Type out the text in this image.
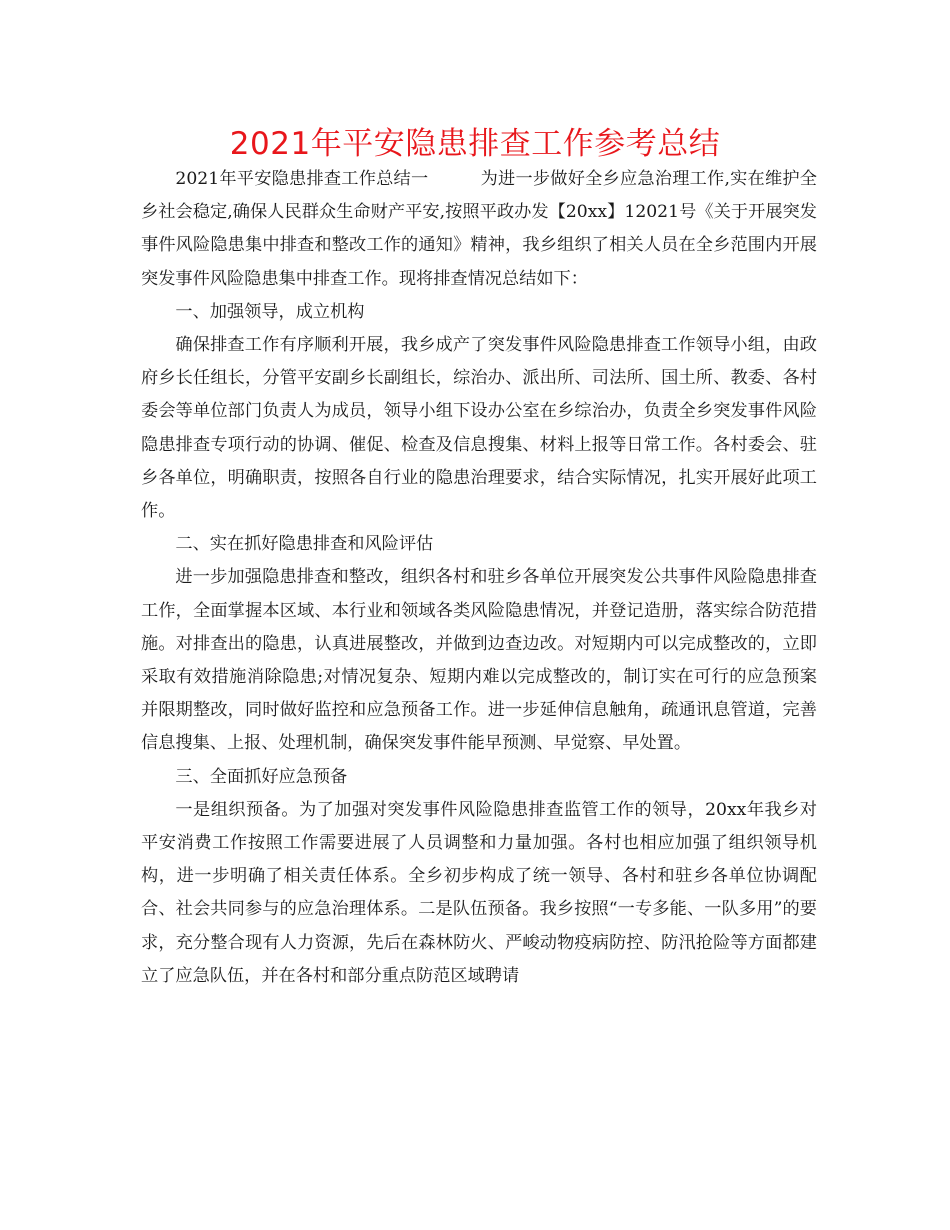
2021年平安隐患排查工作参考总结

2021年平安隐患排查工作总结一	为进一步做好全乡应急治理工作,实在维护全乡社会稳定,确保人民群众生命财产平安,按照平政办发【20xx】12021号《关于开展突发事件风险隐患集中排查和整改工作的通知》精神，我乡组织了相关人员在全乡范围内开展突发事件风险隐患集中排查工作。现将排查情况总结如下：

一、加强领导，成立机构

确保排查工作有序顺利开展，我乡成产了突发事件风险隐患排查工作领导小组，由政府乡长任组长，分管平安副乡长副组长，综治办、派出所、司法所、国土所、教委、各村委会等单位部门负责人为成员，领导小组下设办公室在乡综治办，负责全乡突发事件风险隐患排查专项行动的协调、催促、检查及信息搜集、材料上报等日常工作。各村委会、驻乡各单位，明确职责，按照各自行业的隐患治理要求，结合实际情况，扎实开展好此项工作。

二、实在抓好隐患排查和风险评估

进一步加强隐患排查和整改，组织各村和驻乡各单位开展突发公共事件风险隐患排查工作，全面掌握本区域、本行业和领域各类风险隐患情况，并登记造册，落实综合防范措施。对排查出的隐患，认真进展整改，并做到边查边改。对短期内可以完成整改的，立即采取有效措施消除隐患;对情况复杂、短期内难以完成整改的，制订实在可行的应急预案并限期整改，同时做好监控和应急预备工作。进一步延伸信息触角，疏通讯息管道，完善信息搜集、上报、处理机制，确保突发事件能早预测、早觉察、早处置。

三、全面抓好应急预备

一是组织预备。为了加强对突发事件风险隐患排查监管工作的领导，20xx年我乡对平安消费工作按照工作需要进展了人员调整和力量加强。各村也相应加强了组织领导机构，进一步明确了相关责任体系。全乡初步构成了统一领导、各村和驻乡各单位协调配合、社会共同参与的应急治理体系。二是队伍预备。我乡按照“一专多能、一队多用”的要求，充分整合现有人力资源，先后在森林防火、严峻动物疫病防控、防汛抢险等方面都建立了应急队伍，并在各村和部分重点防范区域聘请
